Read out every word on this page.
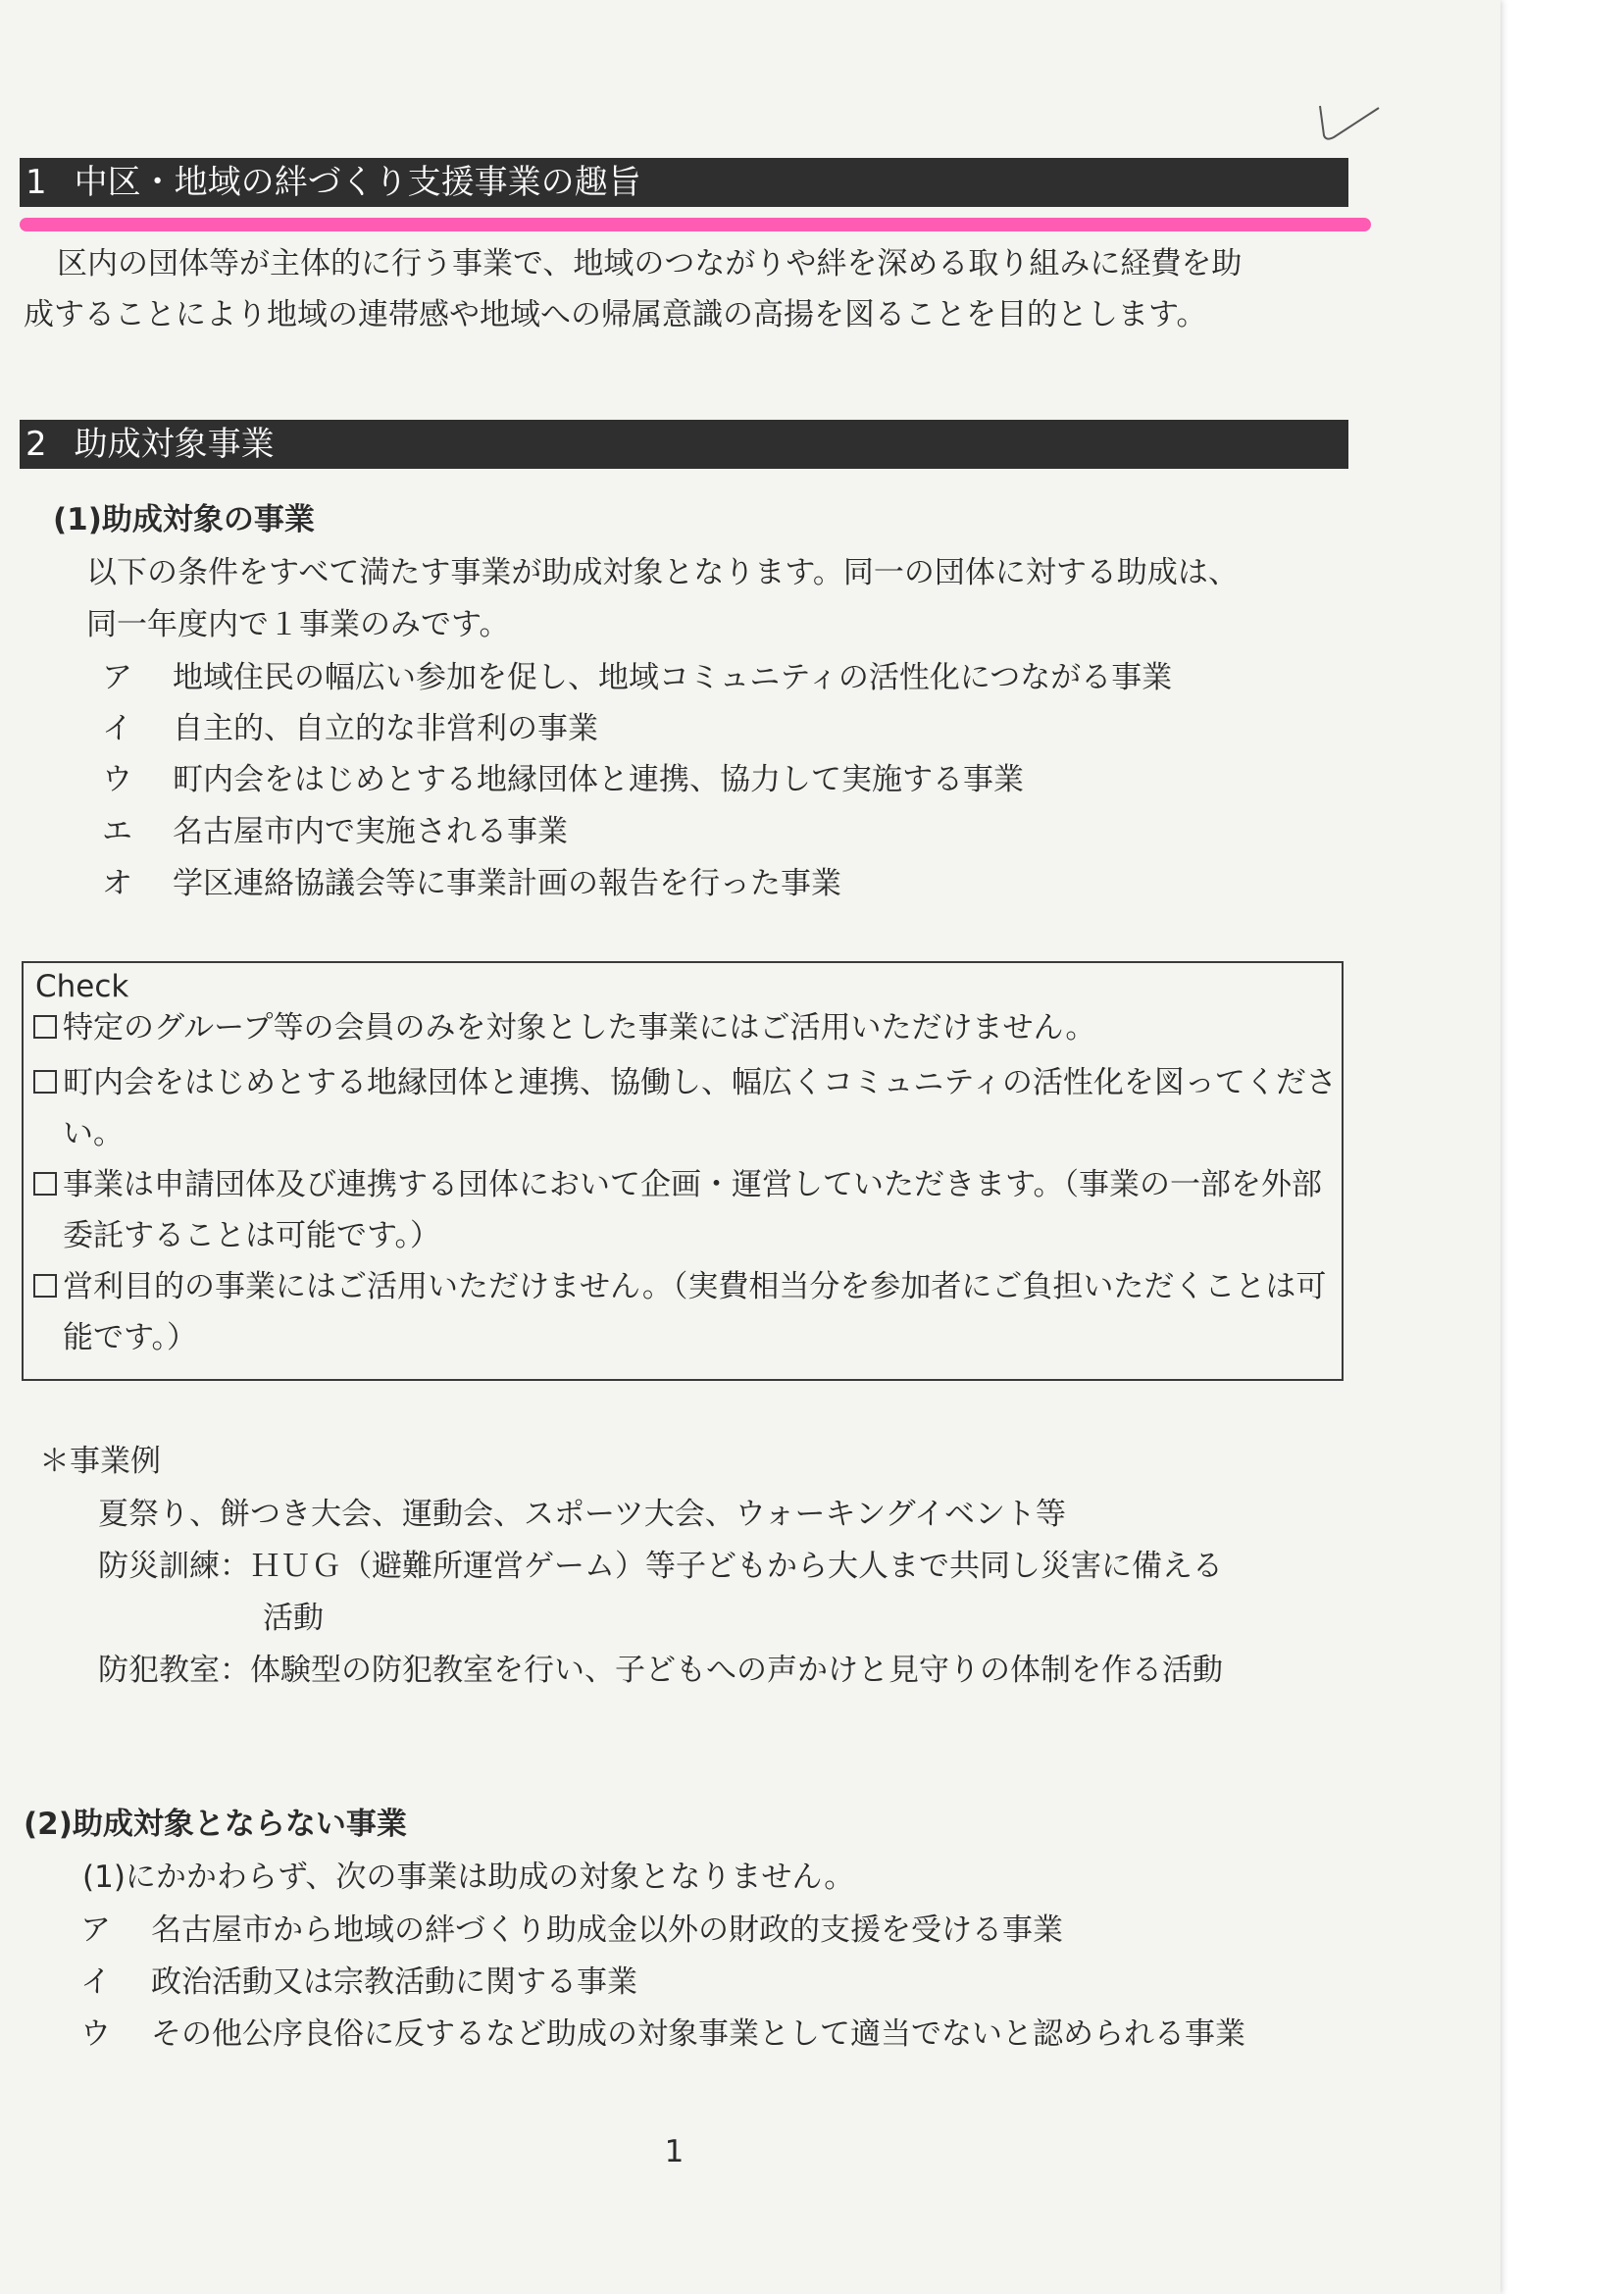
1 中区・地域の絆づくり支援事業の趣旨
区内の団体等が主体的に行う事業で、地域のつながりや絆を深める取り組みに経費を助
成することにより地域の連帯感や地域への帰属意識の高揚を図ることを目的とします。
2 助成対象事業
(1)助成対象の事業
以下の条件をすべて満たす事業が助成対象となります。同一の団体に対する助成は、
同一年度内で１事業のみです。
ア 地域住民の幅広い参加を促し、地域コミュニティの活性化につながる事業
イ 自主的、自立的な非営利の事業
ウ 町内会をはじめとする地縁団体と連携、協力して実施する事業
エ 名古屋市内で実施される事業
オ 学区連絡協議会等に事業計画の報告を行った事業
Check
特定のグループ等の会員のみを対象とした事業にはご活用いただけません。
町内会をはじめとする地縁団体と連携、協働し、幅広くコミュニティの活性化を図ってください。
事業は申請団体及び連携する団体において企画・運営していただきます。（事業の一部を外部委託することは可能です。）
営利目的の事業にはご活用いただけません。（実費相当分を参加者にご負担いただくことは可能です。）
＊事業例
夏祭り、餅つき大会、運動会、スポーツ大会、ウォーキングイベント等
防災訓練：ＨＵＧ（避難所運営ゲーム）等子どもから大人まで共同し災害に備える
活動
防犯教室：体験型の防犯教室を行い、子どもへの声かけと見守りの体制を作る活動
(2)助成対象とならない事業
(1)にかかわらず、次の事業は助成の対象となりません。
ア 名古屋市から地域の絆づくり助成金以外の財政的支援を受ける事業
イ 政治活動又は宗教活動に関する事業
ウ その他公序良俗に反するなど助成の対象事業として適当でないと認められる事業
1
